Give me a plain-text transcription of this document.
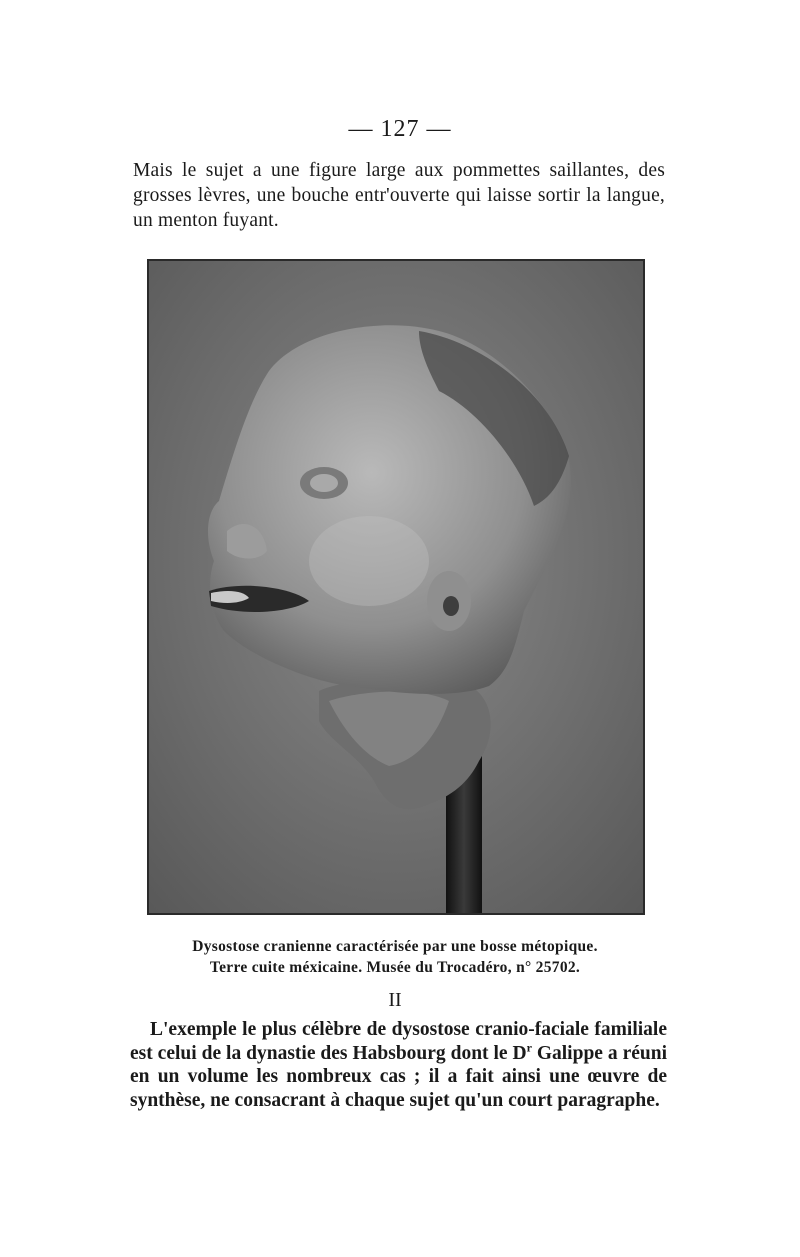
— 127 —

Mais le sujet a une figure large aux pommettes saillantes, des grosses lèvres, une bouche entr'ouverte qui laisse sortir la langue, un menton fuyant.

Dysostose cranienne caractérisée par une bosse métopique.
Terre cuite méxicaine. Musée du Trocadéro, n° 25702.
II

L'exemple le plus célèbre de dysostose cranio-faciale familiale est celui de la dynastie des Habsbourg dont le $D^r$ Galippe a réuni en un volume les nombreux cas ; il a fait ainsi une œuvre de synthèse, ne consacrant à chaque sujet qu'un court paragraphe.
